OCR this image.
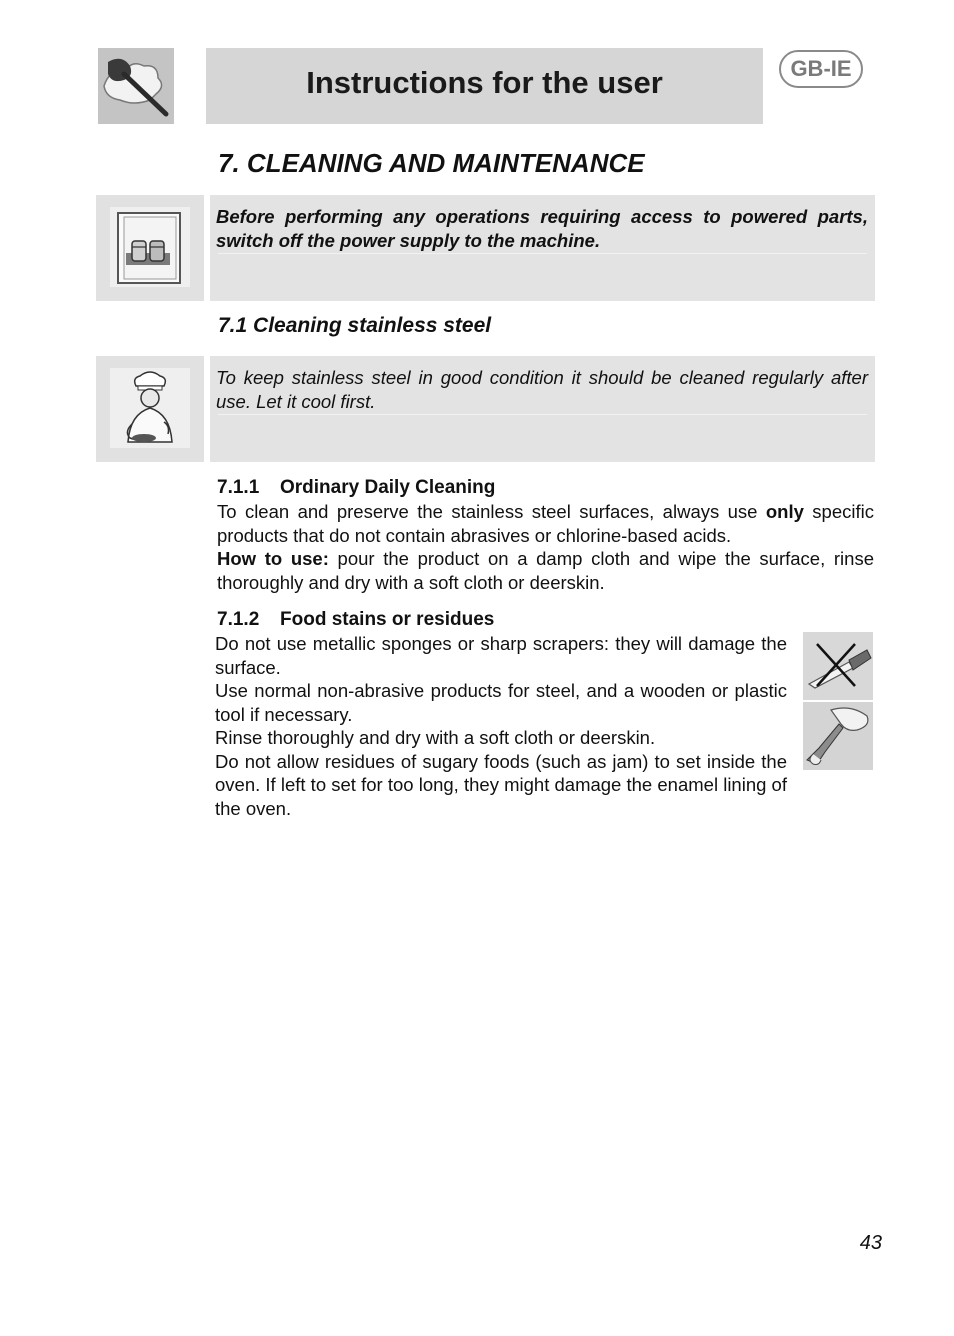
Instructions for the user	GB-IE
7. CLEANING AND MAINTENANCE
Before performing any operations requiring access to powered parts, switch off the power supply to the machine.
7.1 Cleaning stainless steel
To keep stainless steel in good condition it should be cleaned regularly after use. Let it cool first.
7.1.1 Ordinary Daily Cleaning

To clean and preserve the stainless steel surfaces, always use only specific products that do not contain abrasives or chlorine-based acids.

How to use: pour the product on a damp cloth and wipe the surface, rinse thoroughly and dry with a soft cloth or deerskin.

7.1.2 Food stains or residues

Do not use metallic sponges or sharp scrapers: they will damage the surface.

Use normal non-abrasive products for steel, and a wooden or plastic tool if necessary.

Rinse thoroughly and dry with a soft cloth or deerskin.

Do not allow residues of sugary foods (such as jam) to set inside the oven. If left to set for too long, they might damage the enamel lining of the oven.

43
